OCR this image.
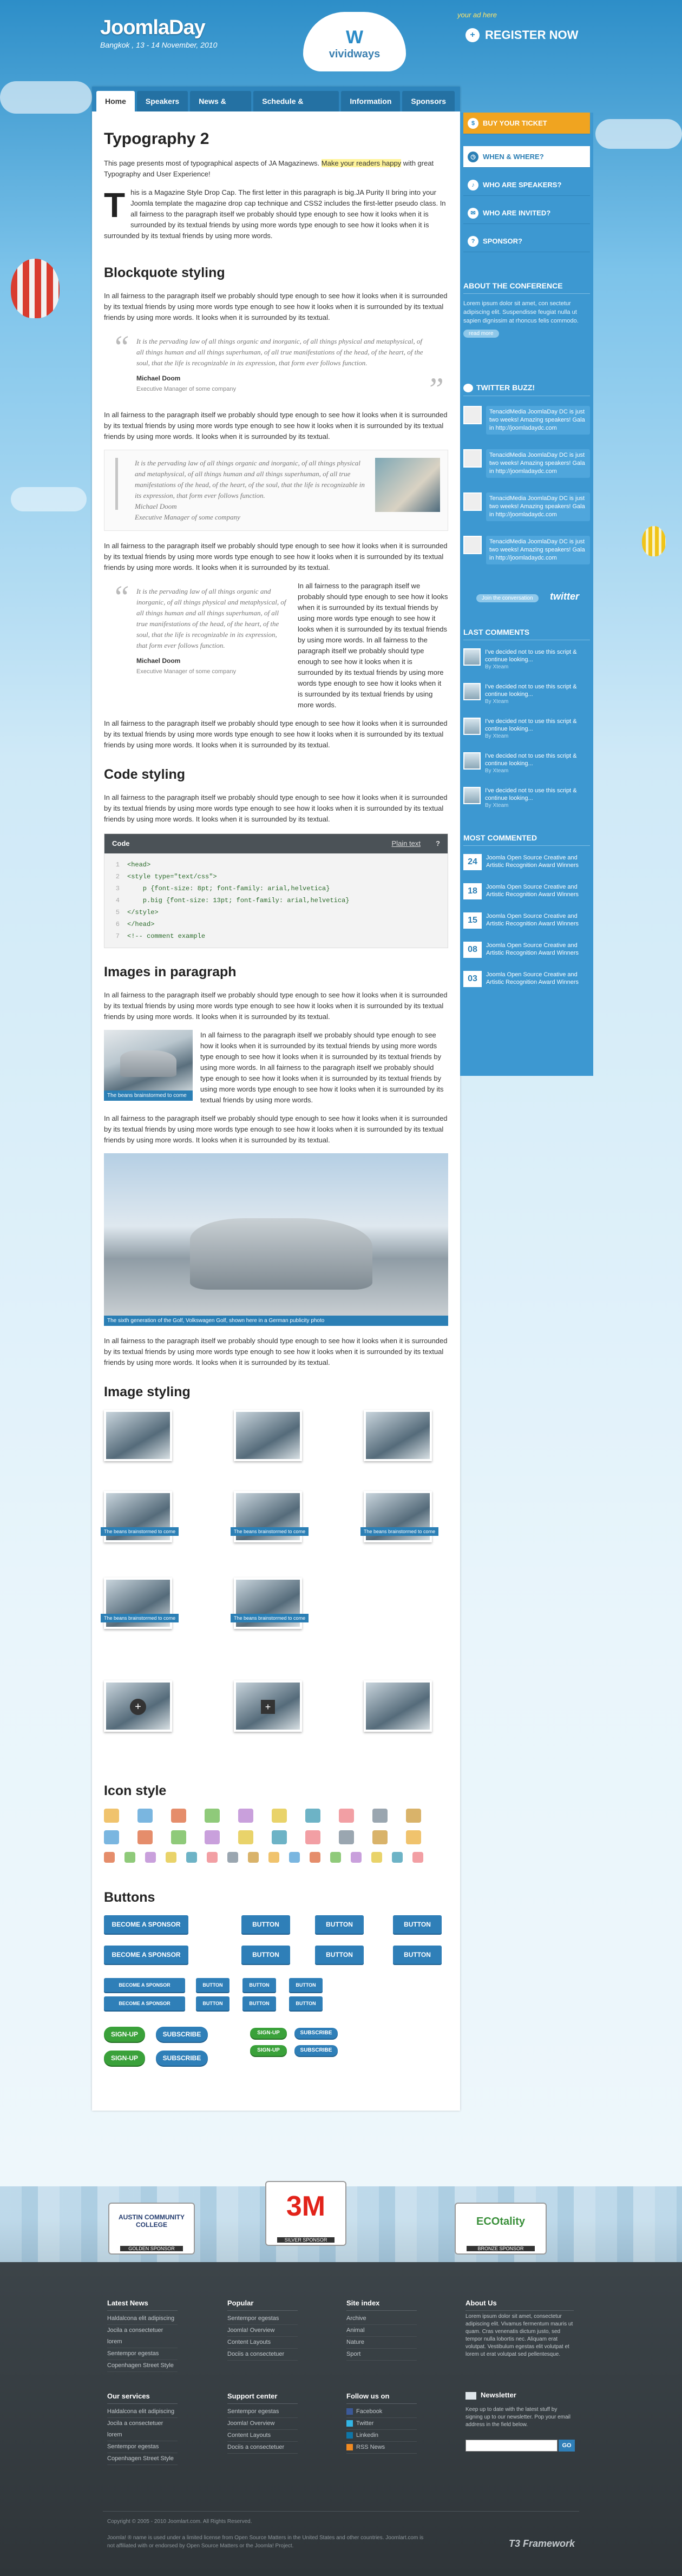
JoomlaDay
Bangkok , 13 - 14 November, 2010	W
vividways
your ad here
+ REGISTER NOW
Home	Speakers	News & Events
Schedule & Workshops
Information	Sponsors
Typography 2

This page presents most of typographical aspects of JA Magazinews. Make your readers happy with great Typography and User Experience!

This is a Magazine Style Drop Cap. The first letter in this paragraph is big.JA Purity II bring into your Joomla template the magazine drop cap technique and CSS2 includes the first-letter pseudo class. In all fairness to the paragraph itself we probably should type enough to see how it looks when it is surrounded by its textual friends by using more words type enough to see how it looks when it is surrounded by its textual friends by using more words.

Blockquote styling

In all fairness to the paragraph itself we probably should type enough to see how it looks when it is surrounded by its textual friends by using more words type enough to see how it looks when it is surrounded by its textual friends by using more words. It looks when it is surrounded by its textual.

“ It is the pervading law of all things organic and inorganic, of all things physical and metaphysical, of all things human and all things superhuman, of all true manifestations of the head, of the heart, of the soul, that the life is recognizable in its expression, that form ever follows function.
Michael Doom
Executive Manager of some company	”

In all fairness to the paragraph itself we probably should type enough to see how it looks when it is surrounded by its textual friends by using more words type enough to see how it looks when it is surrounded by its textual friends by using more words. It looks when it is surrounded by its textual.

It is the pervading law of all things organic and inorganic, of all things physical and metaphysical, of all things human and all things superhuman, of all true manifestations of the head, of the heart, of the soul, that the life is recognizable in its expression, that form ever follows function.
Michael Doom
Executive Manager of some company

In all fairness to the paragraph itself we probably should type enough to see how it looks when it is surrounded by its textual friends by using more words type enough to see how it looks when it is surrounded by its textual friends by using more words. It looks when it is surrounded by its textual.

“ It is the pervading law of all things organic and inorganic, of all things physical and metaphysical, of all things human and all things superhuman, of all true manifestations of the head, of the heart, of the soul, that the life is recognizable in its expression, that form ever follows function.
Michael Doom
Executive Manager of some company

In all fairness to the paragraph itself we probably should type enough to see how it looks when it is surrounded by its textual friends by using more words type enough to see how it looks when it is surrounded by its textual friends by using more words. In all fairness to the paragraph itself we probably should type enough to see how it looks when it is surrounded by its textual friends by using more words type enough to see how it looks when it is surrounded by its textual friends by using more words.

In all fairness to the paragraph itself we probably should type enough to see how it looks when it is surrounded by its textual friends by using more words type enough to see how it looks when it is surrounded by its textual friends by using more words. It looks when it is surrounded by its textual.

Code styling

In all fairness to the paragraph itself we probably should type enough to see how it looks when it is surrounded by its textual friends by using more words type enough to see how it looks when it is surrounded by its textual friends by using more words. It looks when it is surrounded by its textual.

Code	Plain text ?
1	<head>
2	<style type="text/css">
3	p {font-size: 8pt; font-family: arial,helvetica}
4	p.big {font-size: 13pt; font-family: arial,helvetica}
5	</style>
6	</head>
7	<!-- comment example
Images in paragraph

In all fairness to the paragraph itself we probably should type enough to see how it looks when it is surrounded by its textual friends by using more words type enough to see how it looks when it is surrounded by its textual friends by using more words. It looks when it is surrounded by its textual.

The beans brainstormed to come

In all fairness to the paragraph itself we probably should type enough to see how it looks when it is surrounded by its textual friends by using more words type enough to see how it looks when it is surrounded by its textual friends by using more words. In all fairness to the paragraph itself we probably should type enough to see how it looks when it is surrounded by its textual friends by using more words type enough to see how it looks when it is surrounded by its textual friends by using more words.

In all fairness to the paragraph itself we probably should type enough to see how it looks when it is surrounded by its textual friends by using more words type enough to see how it looks when it is surrounded by its textual friends by using more words. It looks when it is surrounded by its textual.

The sixth generation of the Golf, Volkswagen Golf, shown here in a German publicity photo

In all fairness to the paragraph itself we probably should type enough to see how it looks when it is surrounded by its textual friends by using more words type enough to see how it looks when it is surrounded by its textual friends by using more words. It looks when it is surrounded by its textual.

Image styling
The beans brainstormed to come	The beans brainstormed to come	The beans brainstormed to come
The beans brainstormed to come	The beans brainstormed to come
+	+
Icon style
Buttons
BECOME A SPONSOR
BECOME A SPONSOR
BUTTON	BUTTON	BUTTON
BUTTON	BUTTON	BUTTON
BECOME A SPONSOR
BECOME A SPONSOR
BUTTON	BUTTON	BUTTON
BUTTON	BUTTON	BUTTON
SIGN-UP	SUBSCRIBE
SIGN-UP	SUBSCRIBE
SIGN-UP	SUBSCRIBE
SIGN-UP	SUBSCRIBE
$	BUY YOUR TICKET
◷	WHEN & WHERE?
♪	WHO ARE SPEAKERS?
✉	WHO ARE INVITED?
?	SPONSOR?
ABOUT THE CONFERENCE
Lorem ipsum dolor sit amet, con sectetur adipiscing elit. Suspendisse feugiat nulla ut sapien dignissim at rhoncus felis commodo.
read more
TWITTER BUZZ!
TenacidMedia JoomlaDay DC is just two weeks! Amazing speakers! Gala in http://joomladaydc.com
TenacidMedia JoomlaDay DC is just two weeks! Amazing speakers! Gala in http://joomladaydc.com
TenacidMedia JoomlaDay DC is just two weeks! Amazing speakers! Gala in http://joomladaydc.com
TenacidMedia JoomlaDay DC is just two weeks! Amazing speakers! Gala in http://joomladaydc.com
Join the conversation	twitter
LAST COMMENTS
I've decided not to use this script & continue looking...
By Xteam
I've decided not to use this script & continue looking...
By Xteam
I've decided not to use this script & continue looking...
By Xteam
I've decided not to use this script & continue looking...
By Xteam
I've decided not to use this script & continue looking...
By Xteam
MOST COMMENTED
24	Joomla Open Source Creative and Artistic Recognition Award Winners
18	Joomla Open Source Creative and Artistic Recognition Award Winners
15	Joomla Open Source Creative and Artistic Recognition Award Winners
08	Joomla Open Source Creative and Artistic Recognition Award Winners
03	Joomla Open Source Creative and Artistic Recognition Award Winners
AUSTIN COMMUNITY COLLEGE
GOLDEN SPONSOR
3M
SILVER SPONSOR
ECOtality
BRONZE SPONSOR
Latest News
Haldalcona elit adipiscing
Jocila a consectetuer lorem
Sentempor egestas
Copenhagen Street Style
Popular
Sentempor egestas
Joomla! Overview
Content Layouts
Dociis a consectetuer
Site index
Archive
Animal
Nature
Sport
About Us
Lorem ipsum dolor sit amet, consectetur adipiscing elit. Vivamus fermentum mauris ut quam. Cras venenatis dictum justo, sed tempor nulla lobortis nec. Aliquam erat volutpat. Vestibulum egestas elit volutpat et lorem ut erat volutpat sed pellentesque.
Our services
Haldalcona elit adipiscing
Jocila a consectetuer lorem
Sentempor egestas
Copenhagen Street Style
Support center
Sentempor egestas
Joomla! Overview
Content Layouts
Dociis a consectetuer
Follow us on
Facebook
Twitter
Linkedin
RSS News
Newsletter
Keep up to date with the latest stuff by signing up to our newsletter. Pop your email address in the field below.
GO
Copyright © 2005 - 2010 Joomlart.com. All Rights Reserved.
Joomla! ® name is used under a limited license from Open Source Matters in the United States and other countries. Joomlart.com is not affiliated with or endorsed by Open Source Matters or the Joomla! Project.	T3 Framework
